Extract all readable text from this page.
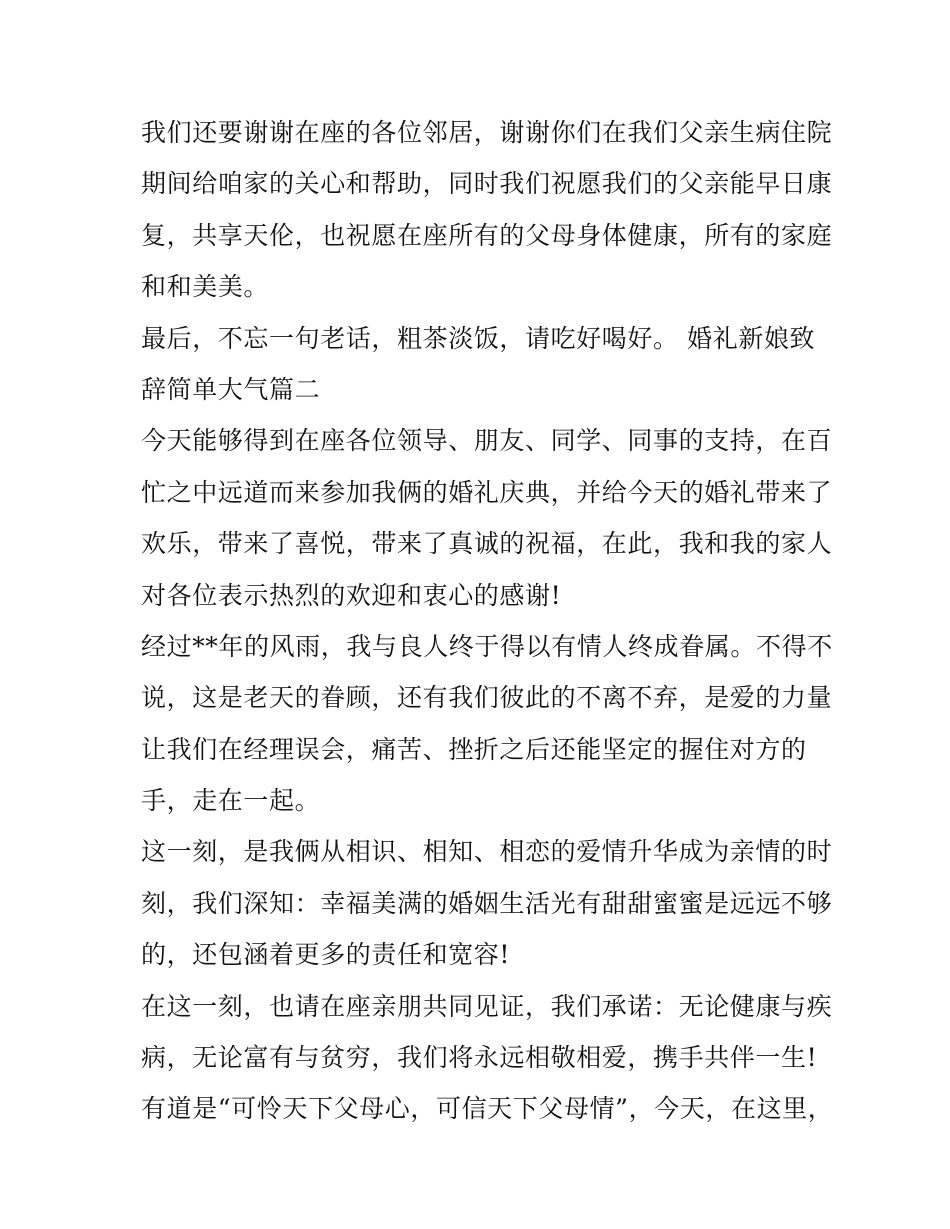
我们还要谢谢在座的各位邻居，谢谢你们在我们父亲生病住院
期间给咱家的关心和帮助，同时我们祝愿我们的父亲能早日康
复，共享天伦，也祝愿在座所有的父母身体健康，所有的家庭
和和美美。
最后，不忘一句老话，粗茶淡饭，请吃好喝好。 婚礼新娘致
辞简单大气篇二
今天能够得到在座各位领导、朋友、同学、同事的支持，在百
忙之中远道而来参加我俩的婚礼庆典，并给今天的婚礼带来了
欢乐，带来了喜悦，带来了真诚的祝福，在此，我和我的家人
对各位表示热烈的欢迎和衷心的感谢!
经过**年的风雨，我与良人终于得以有情人终成眷属。不得不
说，这是老天的眷顾，还有我们彼此的不离不弃，是爱的力量
让我们在经理误会，痛苦、挫折之后还能坚定的握住对方的
手，走在一起。
这一刻，是我俩从相识、相知、相恋的爱情升华成为亲情的时
刻，我们深知：幸福美满的婚姻生活光有甜甜蜜蜜是远远不够
的，还包涵着更多的责任和宽容!
在这一刻，也请在座亲朋共同见证，我们承诺：无论健康与疾
病，无论富有与贫穷，我们将永远相敬相爱，携手共伴一生!
有道是“可怜天下父母心，可信天下父母情”，今天，在这里，
